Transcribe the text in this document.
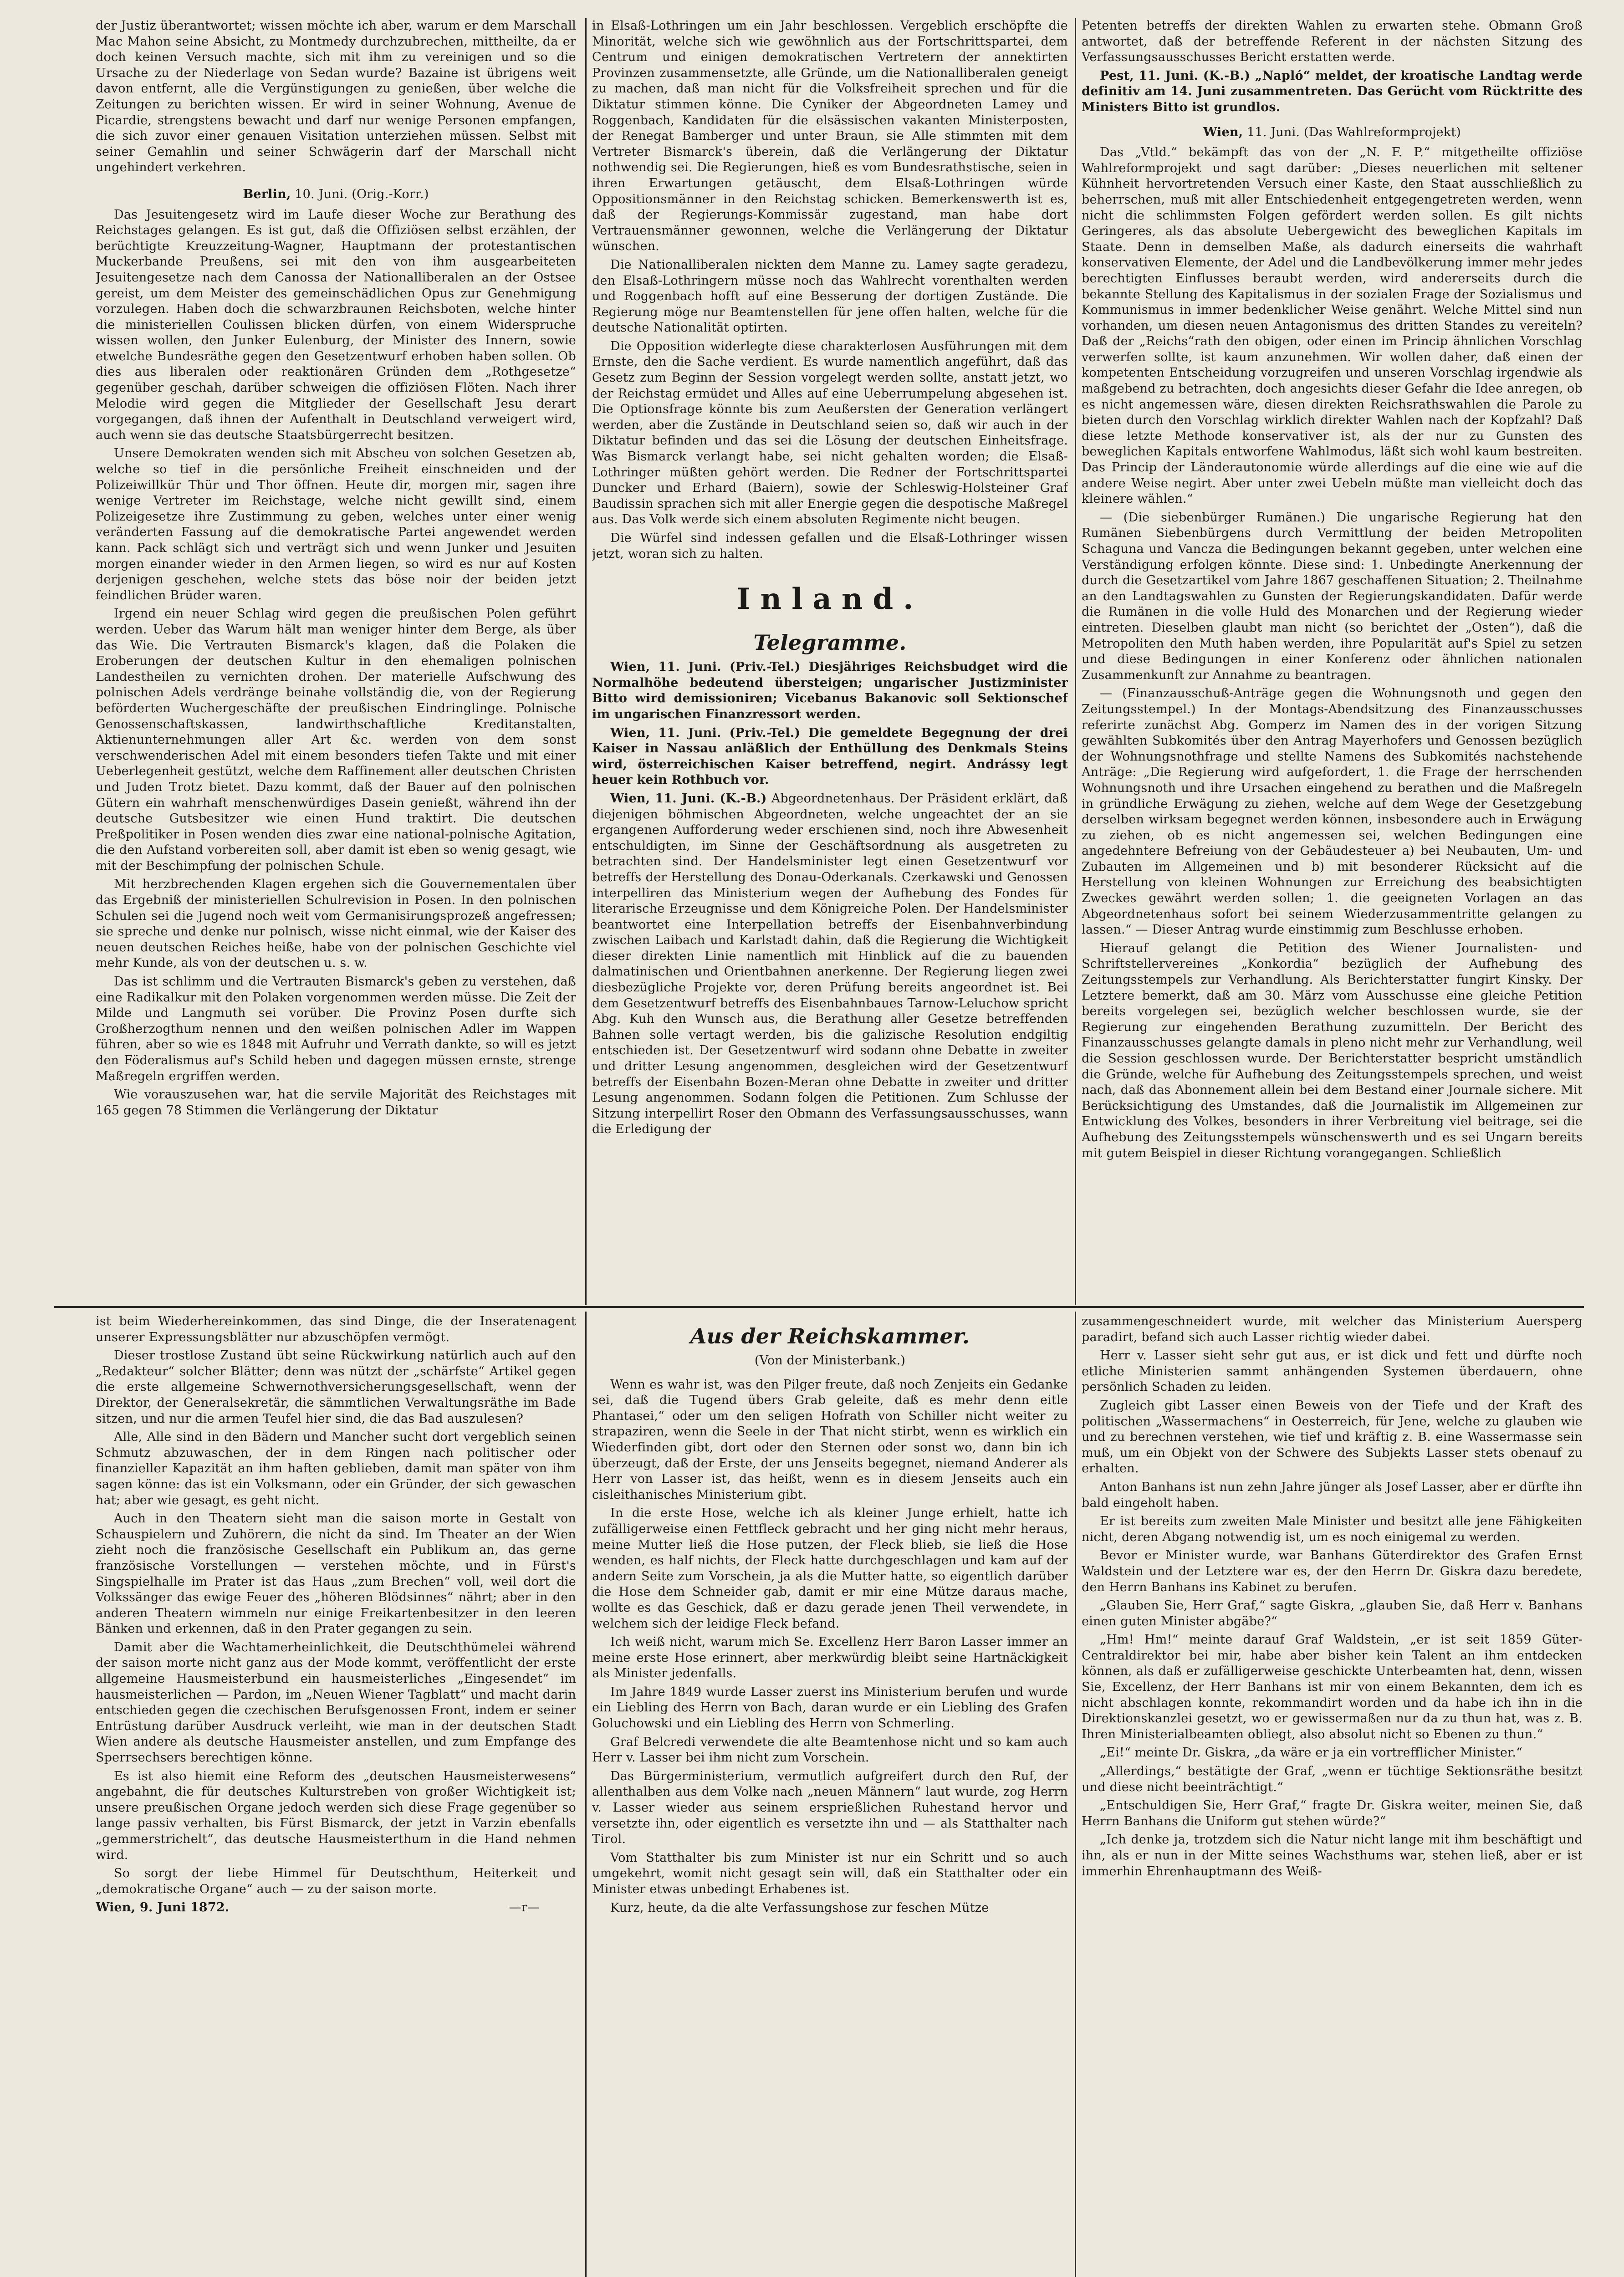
der Justiz überantwortet; wissen möchte ich aber, warum er dem Marschall Mac Mahon seine Absicht, zu Montmedy durchzubrechen, mittheilte, da er doch keinen Versuch machte, sich mit ihm zu vereinigen und so die Ursache zu der Niederlage von Sedan wurde? Bazaine ist übrigens weit davon entfernt, alle die Vergünstigungen zu genießen, über welche die Zeitungen zu berichten wissen. Er wird in seiner Wohnung, Avenue de Picardie, strengstens bewacht und darf nur wenige Personen empfangen, die sich zuvor einer genauen Visitation unterziehen müssen. Selbst mit seiner Gemahlin und seiner Schwägerin darf der Marschall nicht ungehindert verkehren.

Berlin, 10. Juni. (Orig.-Korr.)

Das Jesuitengesetz wird im Laufe dieser Woche zur Berathung des Reichstages gelangen. Es ist gut, daß die Offiziösen selbst erzählen, der berüchtigte Kreuzzeitung-Wagner, Hauptmann der protestantischen Muckerbande Preußens, sei mit den von ihm ausgearbeiteten Jesuitengesetze nach dem Canossa der Nationalliberalen an der Ostsee gereist, um dem Meister des gemeinschädlichen Opus zur Genehmigung vorzulegen. Haben doch die schwarzbraunen Reichsboten, welche hinter die ministeriellen Coulissen blicken dürfen, von einem Widerspruche wissen wollen, den Junker Eulenburg, der Minister des Innern, sowie etwelche Bundesräthe gegen den Gesetzentwurf erhoben haben sollen. Ob dies aus liberalen oder reaktionären Gründen dem „Rothgesetze“ gegenüber geschah, darüber schweigen die offiziösen Flöten. Nach ihrer Melodie wird gegen die Mitglieder der Gesellschaft Jesu derart vorgegangen, daß ihnen der Aufenthalt in Deutschland verweigert wird, auch wenn sie das deutsche Staatsbürgerrecht besitzen.

Unsere Demokraten wenden sich mit Abscheu von solchen Gesetzen ab, welche so tief in die persönliche Freiheit einschneiden und der Polizeiwillkür Thür und Thor öffnen. Heute dir, morgen mir, sagen ihre wenige Vertreter im Reichstage, welche nicht gewillt sind, einem Polizeigesetze ihre Zustimmung zu geben, welches unter einer wenig veränderten Fassung auf die demokratische Partei angewendet werden kann. Pack schlägt sich und verträgt sich und wenn Junker und Jesuiten morgen einander wieder in den Armen liegen, so wird es nur auf Kosten derjenigen geschehen, welche stets das böse noir der beiden jetzt feindlichen Brüder waren.

Irgend ein neuer Schlag wird gegen die preußischen Polen geführt werden. Ueber das Warum hält man weniger hinter dem Berge, als über das Wie. Die Vertrauten Bismarck's klagen, daß die Polaken die Eroberungen der deutschen Kultur in den ehemaligen polnischen Landestheilen zu vernichten drohen. Der materielle Aufschwung des polnischen Adels verdränge beinahe vollständig die, von der Regierung beförderten Wuchergeschäfte der preußischen Eindringlinge. Polnische Genossenschaftskassen, landwirthschaftliche Kreditanstalten, Aktienunternehmungen aller Art &c. werden von dem sonst verschwenderischen Adel mit einem besonders tiefen Takte und mit einer Ueberlegenheit gestützt, welche dem Raffinement aller deutschen Christen und Juden Trotz bietet. Dazu kommt, daß der Bauer auf den polnischen Gütern ein wahrhaft menschenwürdiges Dasein genießt, während ihn der deutsche Gutsbesitzer wie einen Hund traktirt. Die deutschen Preßpolitiker in Posen wenden dies zwar eine national-polnische Agitation, die den Aufstand vorbereiten soll, aber damit ist eben so wenig gesagt, wie mit der Beschimpfung der polnischen Schule.

Mit herzbrechenden Klagen ergehen sich die Gouvernementalen über das Ergebniß der ministeriellen Schulrevision in Posen. In den polnischen Schulen sei die Jugend noch weit vom Germanisirungsprozeß angefressen; sie spreche und denke nur polnisch, wisse nicht einmal, wie der Kaiser des neuen deutschen Reiches heiße, habe von der polnischen Geschichte viel mehr Kunde, als von der deutschen u. s. w.

Das ist schlimm und die Vertrauten Bismarck's geben zu verstehen, daß eine Radikalkur mit den Polaken vorgenommen werden müsse. Die Zeit der Milde und Langmuth sei vorüber. Die Provinz Posen durfte sich Großherzogthum nennen und den weißen polnischen Adler im Wappen führen, aber so wie es 1848 mit Aufruhr und Verrath dankte, so will es jetzt den Föderalismus auf's Schild heben und dagegen müssen ernste, strenge Maßregeln ergriffen werden.

Wie vorauszusehen war, hat die servile Majorität des Reichstages mit 165 gegen 78 Stimmen die Verlängerung der Diktatur

in Elsaß-Lothringen um ein Jahr beschlossen. Vergeblich erschöpfte die Minorität, welche sich wie gewöhnlich aus der Fortschrittspartei, dem Centrum und einigen demokratischen Vertretern der annektirten Provinzen zusammensetzte, alle Gründe, um die Nationalliberalen geneigt zu machen, daß man nicht für die Volksfreiheit sprechen und für die Diktatur stimmen könne. Die Cyniker der Abgeordneten Lamey und Roggenbach, Kandidaten für die elsässischen vakanten Ministerposten, der Renegat Bamberger und unter Braun, sie Alle stimmten mit dem Vertreter Bismarck's überein, daß die Verlängerung der Diktatur nothwendig sei. Die Regierungen, hieß es vom Bundesrathstische, seien in ihren Erwartungen getäuscht, dem Elsaß-Lothringen würde Oppositionsmänner in den Reichstag schicken. Bemerkenswerth ist es, daß der Regierungs-Kommissär zugestand, man habe dort Vertrauensmänner gewonnen, welche die Verlängerung der Diktatur wünschen.

Die Nationalliberalen nickten dem Manne zu. Lamey sagte geradezu, den Elsaß-Lothringern müsse noch das Wahlrecht vorenthalten werden und Roggenbach hofft auf eine Besserung der dortigen Zustände. Die Regierung möge nur Beamtenstellen für jene offen halten, welche für die deutsche Nationalität optirten.

Die Opposition widerlegte diese charakterlosen Ausführungen mit dem Ernste, den die Sache verdient. Es wurde namentlich angeführt, daß das Gesetz zum Beginn der Session vorgelegt werden sollte, anstatt jetzt, wo der Reichstag ermüdet und Alles auf eine Ueberrumpelung abgesehen ist. Die Optionsfrage könnte bis zum Aeußersten der Generation verlängert werden, aber die Zustände in Deutschland seien so, daß wir auch in der Diktatur befinden und das sei die Lösung der deutschen Einheitsfrage. Was Bismarck verlangt habe, sei nicht gehalten worden; die Elsaß-Lothringer müßten gehört werden. Die Redner der Fortschrittspartei Duncker und Erhard (Baiern), sowie der Schleswig-Holsteiner Graf Baudissin sprachen sich mit aller Energie gegen die despotische Maßregel aus. Das Volk werde sich einem absoluten Regimente nicht beugen.

Die Würfel sind indessen gefallen und die Elsaß-Lothringer wissen jetzt, woran sich zu halten.

Inland.
Telegramme.

Wien, 11. Juni. (Priv.-Tel.) Diesjähriges Reichsbudget wird die Normalhöhe bedeutend übersteigen; ungarischer Justizminister Bitto wird demissioniren; Vicebanus Bakanovic soll Sektionschef im ungarischen Finanzressort werden.

Wien, 11. Juni. (Priv.-Tel.) Die gemeldete Begegnung der drei Kaiser in Nassau anläßlich der Enthüllung des Denkmals Steins wird, österreichischen Kaiser betreffend, negirt. Andrássy legt heuer kein Rothbuch vor.

Wien, 11. Juni. (K.-B.) Abgeordnetenhaus. Der Präsident erklärt, daß diejenigen böhmischen Abgeordneten, welche ungeachtet der an sie ergangenen Aufforderung weder erschienen sind, noch ihre Abwesenheit entschuldigten, im Sinne der Geschäftsordnung als ausgetreten zu betrachten sind. Der Handelsminister legt einen Gesetzentwurf vor betreffs der Herstellung des Donau-Oderkanals. Czerkawski und Genossen interpelliren das Ministerium wegen der Aufhebung des Fondes für literarische Erzeugnisse und dem Königreiche Polen. Der Handelsminister beantwortet eine Interpellation betreffs der Eisenbahnverbindung zwischen Laibach und Karlstadt dahin, daß die Regierung die Wichtigkeit dieser direkten Linie namentlich mit Hinblick auf die zu bauenden dalmatinischen und Orientbahnen anerkenne. Der Regierung liegen zwei diesbezügliche Projekte vor, deren Prüfung bereits angeordnet ist. Bei dem Gesetzentwurf betreffs des Eisenbahnbaues Tarnow-Leluchow spricht Abg. Kuh den Wunsch aus, die Berathung aller Gesetze betreffenden Bahnen solle vertagt werden, bis die galizische Resolution endgiltig entschieden ist. Der Gesetzentwurf wird sodann ohne Debatte in zweiter und dritter Lesung angenommen, desgleichen wird der Gesetzentwurf betreffs der Eisenbahn Bozen-Meran ohne Debatte in zweiter und dritter Lesung angenommen. Sodann folgen die Petitionen. Zum Schlusse der Sitzung interpellirt Roser den Obmann des Verfassungsausschusses, wann die Erledigung der

Petenten betreffs der direkten Wahlen zu erwarten stehe. Obmann Groß antwortet, daß der betreffende Referent in der nächsten Sitzung des Verfassungsausschusses Bericht erstatten werde.

Pest, 11. Juni. (K.-B.) „Napló“ meldet, der kroatische Landtag werde definitiv am 14. Juni zusammentreten. Das Gerücht vom Rücktritte des Ministers Bitto ist grundlos.

Wien, 11. Juni. (Das Wahlreformprojekt)

Das „Vtld.“ bekämpft das von der „N. F. P.“ mitgetheilte offiziöse Wahlreformprojekt und sagt darüber: „Dieses neuerlichen mit seltener Kühnheit hervortretenden Versuch einer Kaste, den Staat ausschließlich zu beherrschen, muß mit aller Entschiedenheit entgegengetreten werden, wenn nicht die schlimmsten Folgen gefördert werden sollen. Es gilt nichts Geringeres, als das absolute Uebergewicht des beweglichen Kapitals im Staate. Denn in demselben Maße, als dadurch einerseits die wahrhaft konservativen Elemente, der Adel und die Landbevölkerung immer mehr jedes berechtigten Einflusses beraubt werden, wird andererseits durch die bekannte Stellung des Kapitalismus in der sozialen Frage der Sozialismus und Kommunismus in immer bedenklicher Weise genährt. Welche Mittel sind nun vorhanden, um diesen neuen Antagonismus des dritten Standes zu vereiteln? Daß der „Reichs“rath den obigen, oder einen im Princip ähnlichen Vorschlag verwerfen sollte, ist kaum anzunehmen. Wir wollen daher, daß einen der kompetenten Entscheidung vorzugreifen und unseren Vorschlag irgendwie als maßgebend zu betrachten, doch angesichts dieser Gefahr die Idee anregen, ob es nicht angemessen wäre, diesen direkten Reichsrathswahlen die Parole zu bieten durch den Vorschlag wirklich direkter Wahlen nach der Kopfzahl? Daß diese letzte Methode konservativer ist, als der nur zu Gunsten des beweglichen Kapitals entworfene Wahlmodus, läßt sich wohl kaum bestreiten. Das Princip der Länderautonomie würde allerdings auf die eine wie auf die andere Weise negirt. Aber unter zwei Uebeln müßte man vielleicht doch das kleinere wählen.“

— (Die siebenbürger Rumänen.) Die ungarische Regierung hat den Rumänen Siebenbürgens durch Vermittlung der beiden Metropoliten Schaguna und Vancza die Bedingungen bekannt gegeben, unter welchen eine Verständigung erfolgen könnte. Diese sind: 1. Unbedingte Anerkennung der durch die Gesetzartikel vom Jahre 1867 geschaffenen Situation; 2. Theilnahme an den Landtagswahlen zu Gunsten der Regierungskandidaten. Dafür werde die Rumänen in die volle Huld des Monarchen und der Regierung wieder eintreten. Dieselben glaubt man nicht (so berichtet der „Osten“), daß die Metropoliten den Muth haben werden, ihre Popularität auf's Spiel zu setzen und diese Bedingungen in einer Konferenz oder ähnlichen nationalen Zusammenkunft zur Annahme zu beantragen.

— (Finanzausschuß-Anträge gegen die Wohnungsnoth und gegen den Zeitungsstempel.) In der Montags-Abendsitzung des Finanzausschusses referirte zunächst Abg. Gomperz im Namen des in der vorigen Sitzung gewählten Subkomités über den Antrag Mayerhofers und Genossen bezüglich der Wohnungsnothfrage und stellte Namens des Subkomités nachstehende Anträge: „Die Regierung wird aufgefordert, 1. die Frage der herrschenden Wohnungsnoth und ihre Ursachen eingehend zu berathen und die Maßregeln in gründliche Erwägung zu ziehen, welche auf dem Wege der Gesetzgebung derselben wirksam begegnet werden können, insbesondere auch in Erwägung zu ziehen, ob es nicht angemessen sei, welchen Bedingungen eine angedehntere Befreiung von der Gebäudesteuer a) bei Neubauten, Um- und Zubauten im Allgemeinen und b) mit besonderer Rücksicht auf die Herstellung von kleinen Wohnungen zur Erreichung des beabsichtigten Zweckes gewährt werden sollen; 1. die geeigneten Vorlagen an das Abgeordnetenhaus sofort bei seinem Wiederzusammentritte gelangen zu lassen.“ — Dieser Antrag wurde einstimmig zum Beschlusse erhoben.

Hierauf gelangt die Petition des Wiener Journalisten- und Schriftstellervereines „Konkordia“ bezüglich der Aufhebung des Zeitungsstempels zur Verhandlung. Als Berichterstatter fungirt Kinsky. Der Letztere bemerkt, daß am 30. März vom Ausschusse eine gleiche Petition bereits vorgelegen sei, bezüglich welcher beschlossen wurde, sie der Regierung zur eingehenden Berathung zuzumitteln. Der Bericht des Finanzausschusses gelangte damals in pleno nicht mehr zur Verhandlung, weil die Session geschlossen wurde. Der Berichterstatter bespricht umständlich die Gründe, welche für Aufhebung des Zeitungsstempels sprechen, und weist nach, daß das Abonnement allein bei dem Bestand einer Journale sichere. Mit Berücksichtigung des Umstandes, daß die Journalistik im Allgemeinen zur Entwicklung des Volkes, besonders in ihrer Verbreitung viel beitrage, sei die Aufhebung des Zeitungsstempels wünschenswerth und es sei Ungarn bereits mit gutem Beispiel in dieser Richtung vorangegangen. Schließlich

ist beim Wiederhereinkommen, das sind Dinge, die der Inseratenagent unserer Expressungsblätter nur abzuschöpfen vermögt.

Dieser trostlose Zustand übt seine Rückwirkung natürlich auch auf den „Redakteur“ solcher Blätter; denn was nützt der „schärfste“ Artikel gegen die erste allgemeine Schwernothversicherungsgesellschaft, wenn der Direktor, der Generalsekretär, die sämmtlichen Verwaltungsräthe im Bade sitzen, und nur die armen Teufel hier sind, die das Bad auszulesen?

Alle, Alle sind in den Bädern und Mancher sucht dort vergeblich seinen Schmutz abzuwaschen, der in dem Ringen nach politischer oder finanzieller Kapazität an ihm haften geblieben, damit man später von ihm sagen könne: das ist ein Volksmann, oder ein Gründer, der sich gewaschen hat; aber wie gesagt, es geht nicht.

Auch in den Theatern sieht man die saison morte in Gestalt von Schauspielern und Zuhörern, die nicht da sind. Im Theater an der Wien zieht noch die französische Gesellschaft ein Publikum an, das gerne französische Vorstellungen — verstehen möchte, und in Fürst's Singspielhalle im Prater ist das Haus „zum Brechen“ voll, weil dort die Volkssänger das ewige Feuer des „höheren Blödsinnes“ nährt; aber in den anderen Theatern wimmeln nur einige Freikartenbesitzer in den leeren Bänken und erkennen, daß in den Prater gegangen zu sein.

Damit aber die Wachtamerheinlichkeit, die Deutschthümelei während der saison morte nicht ganz aus der Mode kommt, veröffentlicht der erste allgemeine Hausmeisterbund ein hausmeisterliches „Eingesendet“ im hausmeisterlichen — Pardon, im „Neuen Wiener Tagblatt“ und macht darin entschieden gegen die czechischen Berufsgenossen Front, indem er seiner Entrüstung darüber Ausdruck verleiht, wie man in der deutschen Stadt Wien andere als deutsche Hausmeister anstellen, und zum Empfange des Sperrsechsers berechtigen könne.

Es ist also hiemit eine Reform des „deutschen Hausmeisterwesens“ angebahnt, die für deutsches Kulturstreben von großer Wichtigkeit ist; unsere preußischen Organe jedoch werden sich diese Frage gegenüber so lange passiv verhalten, bis Fürst Bismarck, der jetzt in Varzin ebenfalls „gemmerstrichelt“, das deutsche Hausmeisterthum in die Hand nehmen wird.

So sorgt der liebe Himmel für Deutschthum, Heiterkeit und „demokratische Organe“ auch — zu der saison morte.

Wien, 9. Juni 1872.	—r—
Aus der Reichskammer.
(Von der Ministerbank.)

Wenn es wahr ist, was den Pilger freute, daß noch Zenjeits ein Gedanke sei, daß die Tugend übers Grab geleite, daß es mehr denn eitle Phantasei,“ oder um den seligen Hofrath von Schiller nicht weiter zu strapaziren, wenn die Seele in der That nicht stirbt, wenn es wirklich ein Wiederfinden gibt, dort oder den Sternen oder sonst wo, dann bin ich überzeugt, daß der Erste, der uns Jenseits begegnet, niemand Anderer als Herr von Lasser ist, das heißt, wenn es in diesem Jenseits auch ein cisleithanisches Ministerium gibt.

In die erste Hose, welche ich als kleiner Junge erhielt, hatte ich zufälligerweise einen Fettfleck gebracht und her ging nicht mehr heraus, meine Mutter ließ die Hose putzen, der Fleck blieb, sie ließ die Hose wenden, es half nichts, der Fleck hatte durchgeschlagen und kam auf der andern Seite zum Vorschein, ja als die Mutter hatte, so eigentlich darüber die Hose dem Schneider gab, damit er mir eine Mütze daraus mache, wollte es das Geschick, daß er dazu gerade jenen Theil verwendete, in welchem sich der leidige Fleck befand.

Ich weiß nicht, warum mich Se. Excellenz Herr Baron Lasser immer an meine erste Hose erinnert, aber merkwürdig bleibt seine Hartnäckigkeit als Minister jedenfalls.

Im Jahre 1849 wurde Lasser zuerst ins Ministerium berufen und wurde ein Liebling des Herrn von Bach, daran wurde er ein Liebling des Grafen Goluchowski und ein Liebling des Herrn von Schmerling.

Graf Belcredi verwendete die alte Beamtenhose nicht und so kam auch Herr v. Lasser bei ihm nicht zum Vorschein.

Das Bürgerministerium, vermutlich aufgreifert durch den Ruf, der allenthalben aus dem Volke nach „neuen Männern“ laut wurde, zog Herrn v. Lasser wieder aus seinem ersprießlichen Ruhestand hervor und versetzte ihn, oder eigentlich es versetzte ihn und — als Statthalter nach Tirol.

Vom Statthalter bis zum Minister ist nur ein Schritt und so auch umgekehrt, womit nicht gesagt sein will, daß ein Statthalter oder ein Minister etwas unbedingt Erhabenes ist.

Kurz, heute, da die alte Verfassungshose zur feschen Mütze

zusammengeschneidert wurde, mit welcher das Ministerium Auersperg paradirt, befand sich auch Lasser richtig wieder dabei.

Herr v. Lasser sieht sehr gut aus, er ist dick und fett und dürfte noch etliche Ministerien sammt anhängenden Systemen überdauern, ohne persönlich Schaden zu leiden.

Zugleich gibt Lasser einen Beweis von der Tiefe und der Kraft des politischen „Wassermachens“ in Oesterreich, für Jene, welche zu glauben wie und zu berechnen verstehen, wie tief und kräftig z. B. eine Wassermasse sein muß, um ein Objekt von der Schwere des Subjekts Lasser stets obenauf zu erhalten.

Anton Banhans ist nun zehn Jahre jünger als Josef Lasser, aber er dürfte ihn bald eingeholt haben.

Er ist bereits zum zweiten Male Minister und besitzt alle jene Fähigkeiten nicht, deren Abgang notwendig ist, um es noch einigemal zu werden.

Bevor er Minister wurde, war Banhans Güterdirektor des Grafen Ernst Waldstein und der Letztere war es, der den Herrn Dr. Giskra dazu beredete, den Herrn Banhans ins Kabinet zu berufen.

„Glauben Sie, Herr Graf,“ sagte Giskra, „glauben Sie, daß Herr v. Banhans einen guten Minister abgäbe?“

„Hm! Hm!“ meinte darauf Graf Waldstein, „er ist seit 1859 Güter-Centraldirektor bei mir, habe aber bisher kein Talent an ihm entdecken können, als daß er zufälligerweise geschickte Unterbeamten hat, denn, wissen Sie, Excellenz, der Herr Banhans ist mir von einem Bekannten, dem ich es nicht abschlagen konnte, rekommandirt worden und da habe ich ihn in die Direktionskanzlei gesetzt, wo er gewissermaßen nur da zu thun hat, was z. B. Ihren Ministerialbeamten obliegt, also absolut nicht so Ebenen zu thun.“

„Ei!“ meinte Dr. Giskra, „da wäre er ja ein vortrefflicher Minister.“

„Allerdings,“ bestätigte der Graf, „wenn er tüchtige Sektionsräthe besitzt und diese nicht beeinträchtigt.“

„Entschuldigen Sie, Herr Graf,“ fragte Dr. Giskra weiter, meinen Sie, daß Herrn Banhans die Uniform gut stehen würde?“

„Ich denke ja, trotzdem sich die Natur nicht lange mit ihm beschäftigt und ihn, als er nun in der Mitte seines Wachsthums war, stehen ließ, aber er ist immerhin Ehrenhauptmann des Weiß-
